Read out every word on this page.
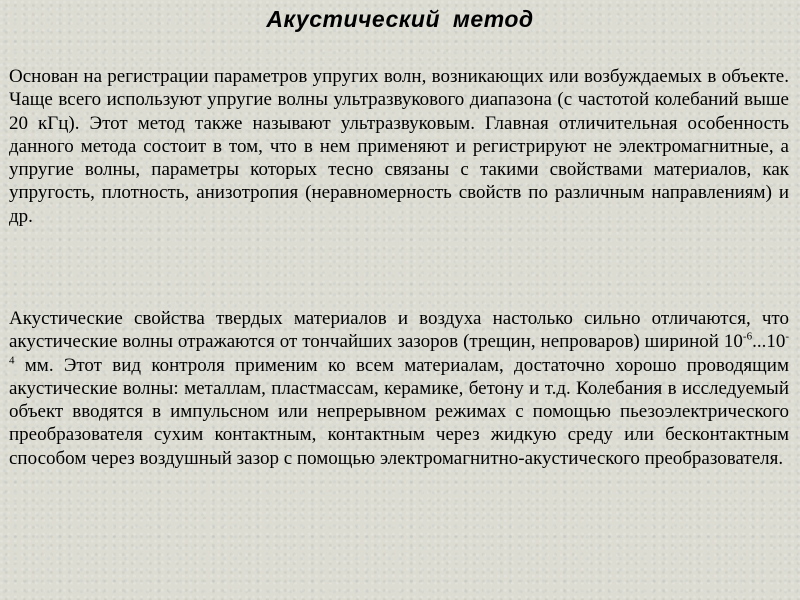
Акустический метод

Основан на регистрации параметров упругих волн, возникающих или возбуждаемых в объекте. Чаще всего используют упругие волны ультразвукового диапазона (с частотой колебаний выше 20 кГц). Этот метод также называют ультразвуковым. Главная отличительная особенность данного метода состоит в том, что в нем применяют и регистрируют не электромагнитные, а упругие волны, параметры которых тесно связаны с такими свойствами материалов, как упругость, плотность, анизотропия (неравномерность свойств по различным направлениям) и др.

Акустические свойства твердых материалов и воздуха настолько сильно отличаются, что акустические волны отражаются от тончайших зазоров (трещин, непроваров) шириной $10^{-6}...10^{-4}$ мм. Этот вид контроля применим ко всем материалам, достаточно хорошо проводящим акустические волны: металлам, пластмассам, керамике, бетону и т.д. Колебания в исследуемый объект вводятся в импульсном или непрерывном режимах с помощью пьезоэлектрического преобразователя сухим контактным, контактным через жидкую среду или бесконтактным способом через воздушный зазор с помощью электромагнитно-акустического преобразователя.
